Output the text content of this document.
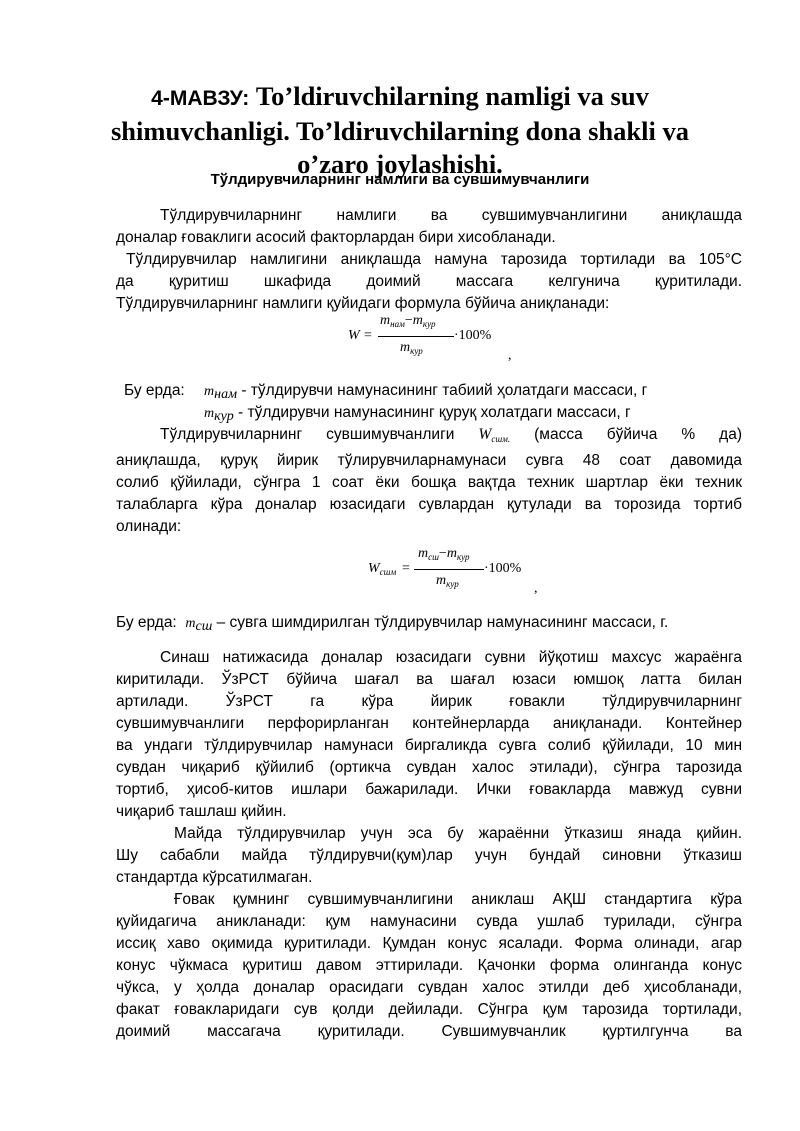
4-МАВЗУ: To’ldiruvchilarning namligi va suv
shimuvchanligi. To’ldiruvchilarning dona shakli va
o’zaro joylashishi.
Тўлдирувчиларнинг намлиги ва сувшимувчанлиги
Тўлдирувчиларнинг намлиги ва сувшимувчанлигини аниқлашда
доналар ғоваклиги асосий факторлардан бири хисобланади.
Тўлдирувчилар намлигини аниқлашда намуна тарозида тортилади ва 105°С
да қуритиш шкафида доимий массага келгунича қуритилади.
Тўлдирувчиларнинг намлиги қуйидаги формула бўйича аниқланади:
W =
$m_{нам}-m_{кур}$
$m_{кур}$
·100%
,
Бу ерда: mнам - тўлдирувчи намунасининг табиий ҳолатдаги массаси, г
mкур - тўлдирувчи намунасининг қуруқ холатдаги массаси, г
Тўлдирувчиларнинг сувшимувчанлиги $W_{сшм.}$ (масса бўйича % да)
аниқлашда, қуруқ йирик тўлирувчиларнамунаси сувга 48 соат давомида
солиб қўйилади, сўнгра 1 соат ёки бошқа вақтда техник шартлар ёки техник
талабларга кўра доналар юзасидаги сувлардан қутулади ва торозида тортиб
олинади:
$W_{сшм}$ =
$m_{сш}-m_{кур}$
$m_{кур}$
·100%
,
Бу ерда: mсш – сувга шимдирилган тўлдирувчилар намунасининг массаси, г.
Синаш натижасида доналар юзасидаги сувни йўқотиш махсус жараёнга
киритилади. ЎзРСТ бўйича шағал ва шағал юзаси юмшоқ латта билан
артилади. ЎзРСТ га кўра йирик ғовакли тўлдирувчиларнинг
сувшимувчанлиги перфорирланган контейнерларда аниқланади. Контейнер
ва ундаги тўлдирувчилар намунаси биргаликда сувга солиб қўйилади, 10 мин
сувдан чиқариб қўйилиб (ортикча сувдан халос этилади), сўнгра тарозида
тортиб, ҳисоб-китов ишлари бажарилади. Ички ғовакларда мавжуд сувни
чиқариб ташлаш қийин.
Майда тўлдирувчилар учун эса бу жараённи ўтказиш янада қийин.
Шу сабабли майда тўлдирувчи(қум)лар учун бундай синовни ўтказиш
стандартда кўрсатилмаган.
Ғовак қумнинг сувшимувчанлигини аниклаш АҚШ стандартига кўра
қуйидагича аникланади: қум намунасини сувда ушлаб турилади, сўнгра
иссиқ хаво оқимида қуритилади. Қумдан конус ясалади. Форма олинади, агар
конус чўкмаса қуритиш давом эттирилади. Қачонки форма олинганда конус
чўкса, у ҳолда доналар орасидаги сувдан халос этилди деб ҳисобланади,
факат ғовакларидаги сув қолди дейилади. Сўнгра қум тарозида тортилади,
доимий массагача қуритилади. Сувшимувчанлик қуртилгунча ва
